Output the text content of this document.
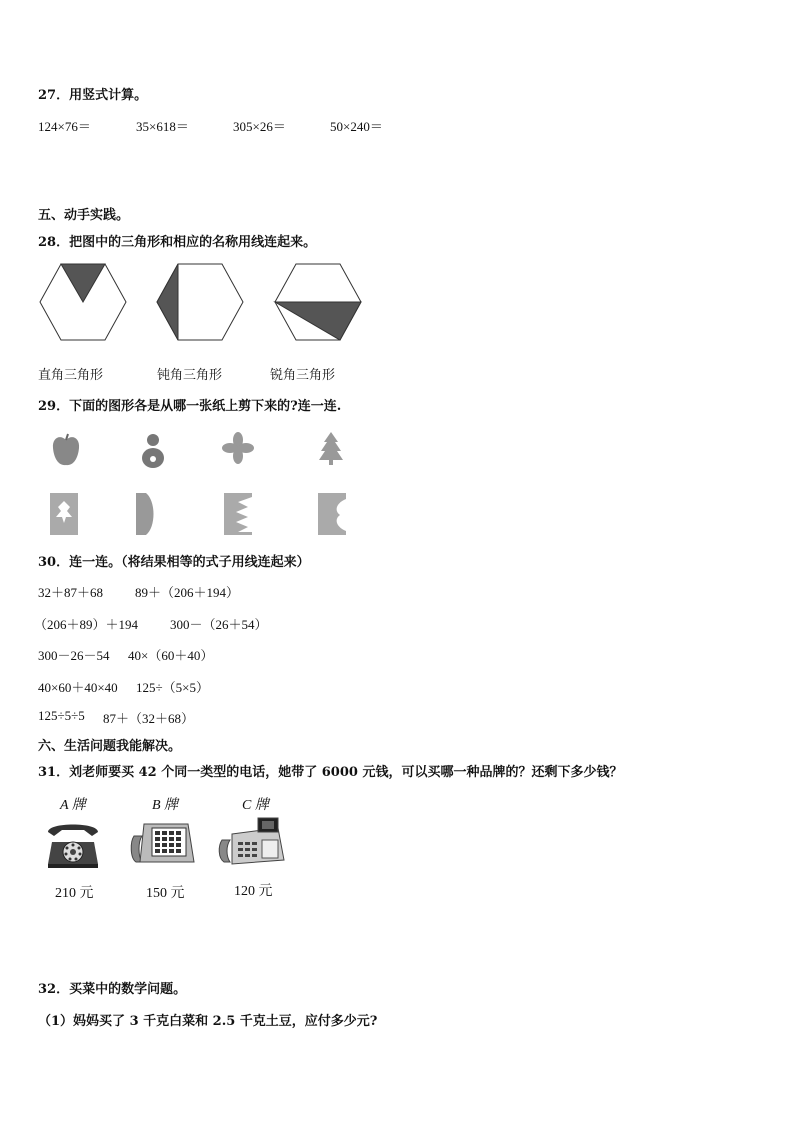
27．用竖式计算。
124×76＝	35×618＝	305×26＝	50×240＝
五、动手实践。
28．把图中的三角形和相应的名称用线连起来。
直角三角形	钝角三角形	锐角三角形
29．下面的图形各是从哪一张纸上剪下来的?连一连.
30．连一连。（将结果相等的式子用线连起来）
32＋87＋68 89＋（206＋194）
（206＋89）＋194 300－（26＋54）
300－26－54 40×（60＋40）
40×60＋40×40 125÷（5×5）
125÷5÷5 87＋（32＋68）
六、生活问题我能解决。
31．刘老师要买 42 个同一类型的电话，她带了 6000 元钱，可以买哪一种品牌的？还剩下多少钱？
A 牌	B 牌	C 牌
210 元	150 元	120 元
32．买菜中的数学问题。
（1）妈妈买了 3 千克白菜和 2.5 千克土豆，应付多少元?
